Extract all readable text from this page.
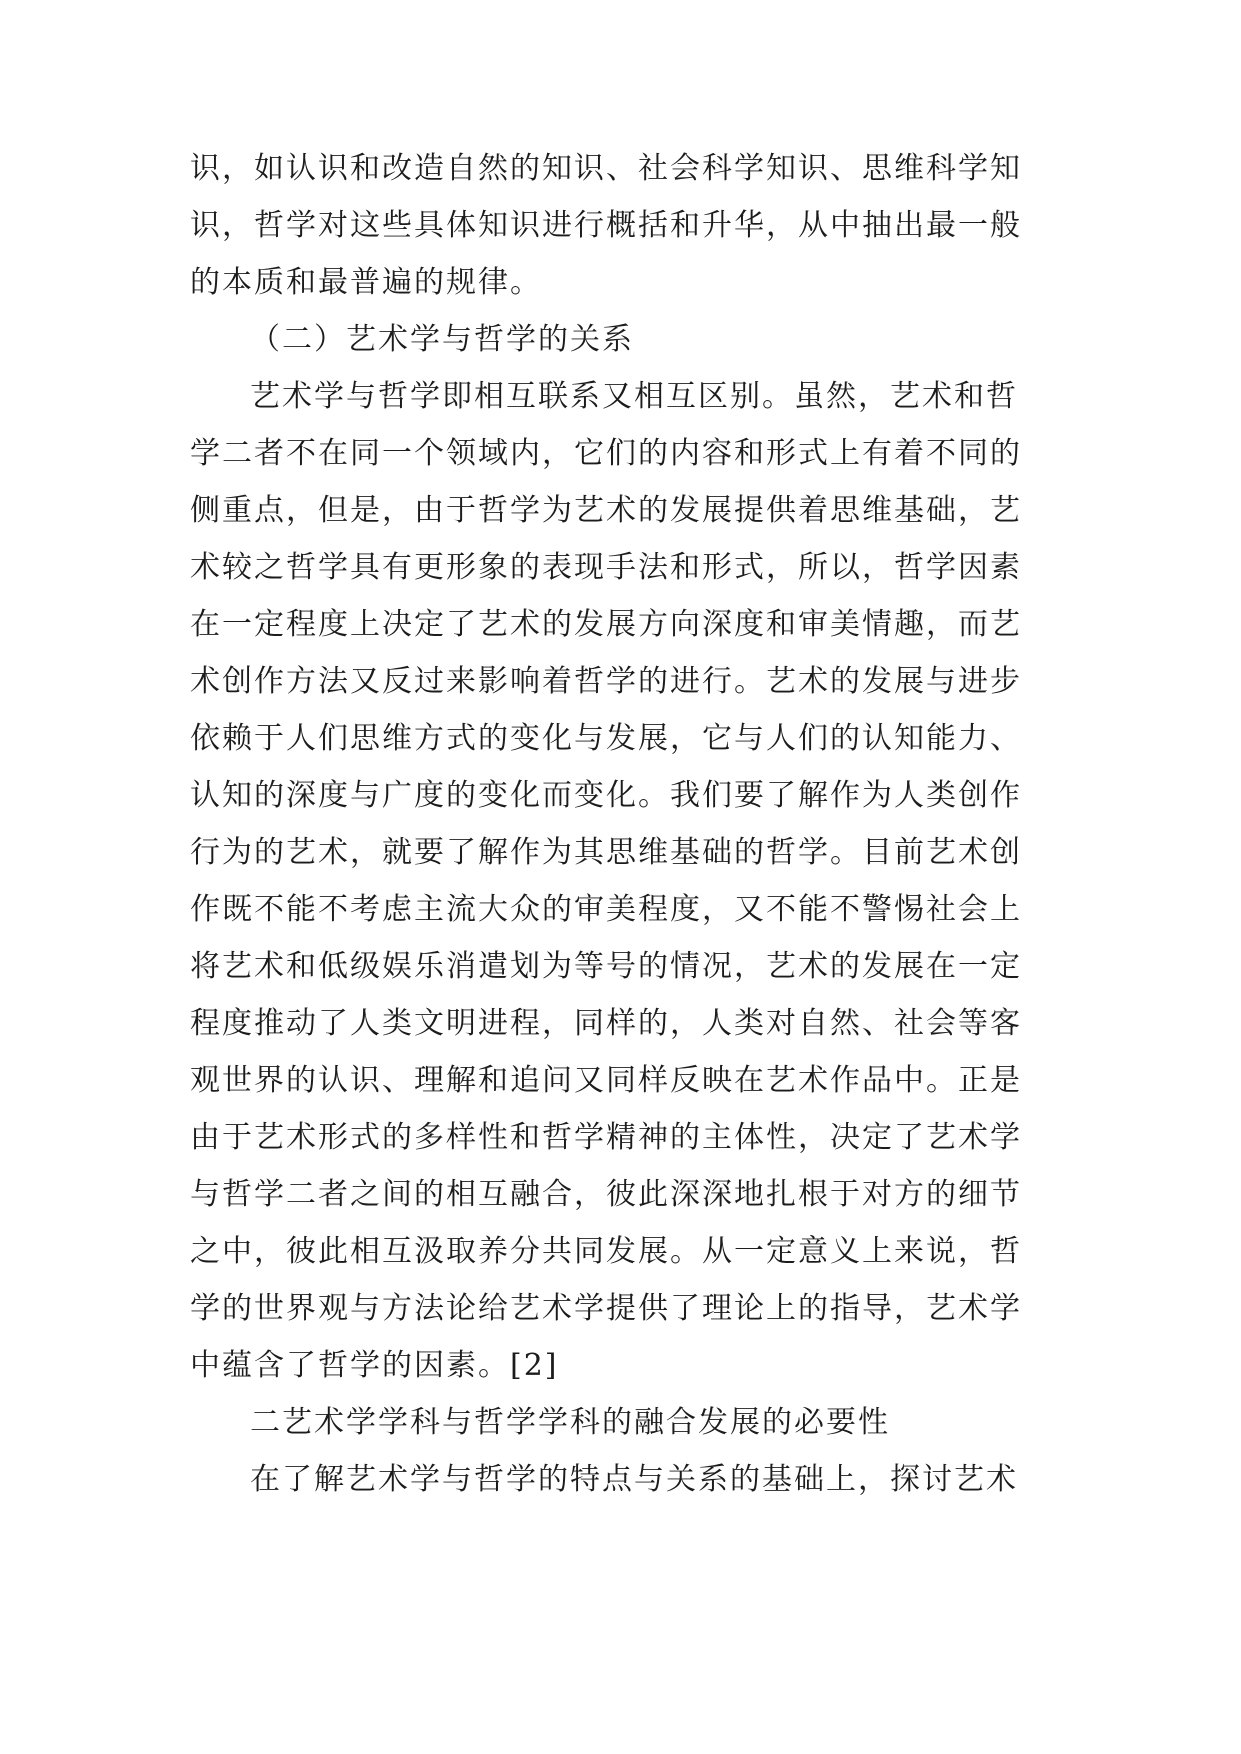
识，如认识和改造自然的知识、社会科学知识、思维科学知
识，哲学对这些具体知识进行概括和升华，从中抽出最一般
的本质和最普遍的规律。
（二）艺术学与哲学的关系
艺术学与哲学即相互联系又相互区别。虽然，艺术和哲
学二者不在同一个领域内，它们的内容和形式上有着不同的
侧重点，但是，由于哲学为艺术的发展提供着思维基础，艺
术较之哲学具有更形象的表现手法和形式，所以，哲学因素
在一定程度上决定了艺术的发展方向深度和审美情趣，而艺
术创作方法又反过来影响着哲学的进行。艺术的发展与进步
依赖于人们思维方式的变化与发展，它与人们的认知能力、
认知的深度与广度的变化而变化。我们要了解作为人类创作
行为的艺术，就要了解作为其思维基础的哲学。目前艺术创
作既不能不考虑主流大众的审美程度，又不能不警惕社会上
将艺术和低级娱乐消遣划为等号的情况，艺术的发展在一定
程度推动了人类文明进程，同样的，人类对自然、社会等客
观世界的认识、理解和追问又同样反映在艺术作品中。正是
由于艺术形式的多样性和哲学精神的主体性，决定了艺术学
与哲学二者之间的相互融合，彼此深深地扎根于对方的细节
之中，彼此相互汲取养分共同发展。从一定意义上来说，哲
学的世界观与方法论给艺术学提供了理论上的指导，艺术学
中蕴含了哲学的因素。[2]
二艺术学学科与哲学学科的融合发展的必要性
在了解艺术学与哲学的特点与关系的基础上，探讨艺术
